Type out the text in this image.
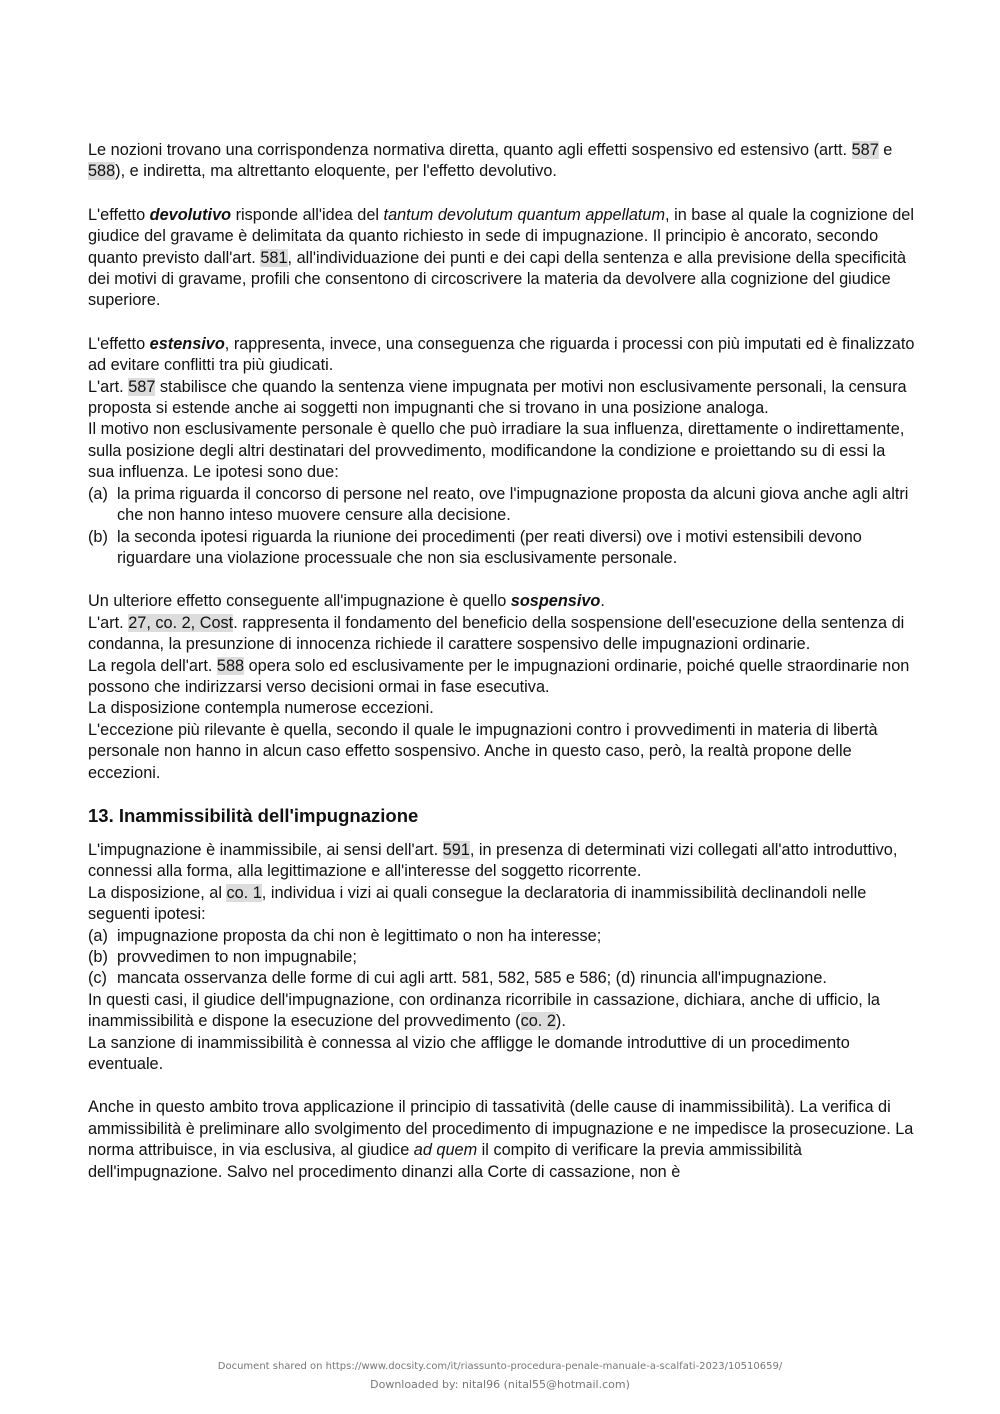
Le nozioni trovano una corrispondenza normativa diretta, quanto agli effetti sospensivo ed estensivo (artt. 587 e 588), e indiretta, ma altrettanto eloquente, per l'effetto devolutivo.

L'effetto devolutivo risponde all'idea del tantum devolutum quantum appellatum, in base al quale la cognizione del giudice del gravame è delimitata da quanto richiesto in sede di impugnazione. Il principio è ancorato, secondo quanto previsto dall'art. 581, all'individuazione dei punti e dei capi della sentenza e alla previsione della specificità dei motivi di gravame, profili che consentono di circoscrivere la materia da devolvere alla cognizione del giudice superiore.

L'effetto estensivo, rappresenta, invece, una conseguenza che riguarda i processi con più imputati ed è finalizzato ad evitare conflitti tra più giudicati.

L'art. 587 stabilisce che quando la sentenza viene impugnata per motivi non esclusivamente personali, la censura proposta si estende anche ai soggetti non impugnanti che si trovano in una posizione analoga.

Il motivo non esclusivamente personale è quello che può irradiare la sua influenza, direttamente o indirettamente, sulla posizione degli altri destinatari del provvedimento, modificandone la condizione e proiettando su di essi la sua influenza. Le ipotesi sono due:

(a) la prima riguarda il concorso di persone nel reato, ove l'impugnazione proposta da alcuni giova anche agli altri che non hanno inteso muovere censure alla decisione.
(b) la seconda ipotesi riguarda la riunione dei procedimenti (per reati diversi) ove i motivi estensibili devono riguardare una violazione processuale che non sia esclusivamente personale.

Un ulteriore effetto conseguente all'impugnazione è quello sospensivo.

L'art. 27, co. 2, Cost. rappresenta il fondamento del beneficio della sospensione dell'esecuzione della sentenza di condanna, la presunzione di innocenza richiede il carattere sospensivo delle impugnazioni ordinarie.

La regola dell'art. 588 opera solo ed esclusivamente per le impugnazioni ordinarie, poiché quelle straordinarie non possono che indirizzarsi verso decisioni ormai in fase esecutiva.

La disposizione contempla numerose eccezioni.

L'eccezione più rilevante è quella, secondo il quale le impugnazioni contro i provvedimenti in materia di libertà personale non hanno in alcun caso effetto sospensivo. Anche in questo caso, però, la realtà propone delle eccezioni.

13. Inammissibilità dell'impugnazione

L'impugnazione è inammissibile, ai sensi dell'art. 591, in presenza di determinati vizi collegati all'atto introduttivo, connessi alla forma, alla legittimazione e all'interesse del soggetto ricorrente.

La disposizione, al co. 1, individua i vizi ai quali consegue la declaratoria di inammissibilità declinandoli nelle seguenti ipotesi:

(a) impugnazione proposta da chi non è legittimato o non ha interesse;
(b) provvedimen to non impugnabile;
(c) mancata osservanza delle forme di cui agli artt. 581, 582, 585 e 586; (d) rinuncia all'impugnazione.

In questi casi, il giudice dell'impugnazione, con ordinanza ricorribile in cassazione, dichiara, anche di ufficio, la inammissibilità e dispone la esecuzione del provvedimento (co. 2).

La sanzione di inammissibilità è connessa al vizio che affligge le domande introduttive di un procedimento eventuale.

Anche in questo ambito trova applicazione il principio di tassatività (delle cause di inammissibilità). La verifica di ammissibilità è preliminare allo svolgimento del procedimento di impugnazione e ne impedisce la prosecuzione. La norma attribuisce, in via esclusiva, al giudice ad quem il compito di verificare la previa ammissibilità dell'impugnazione. Salvo nel procedimento dinanzi alla Corte di cassazione, non è

Document shared on https://www.docsity.com/it/riassunto-procedura-penale-manuale-a-scalfati-2023/10510659/
Downloaded by: nital96 (nital55@hotmail.com)
